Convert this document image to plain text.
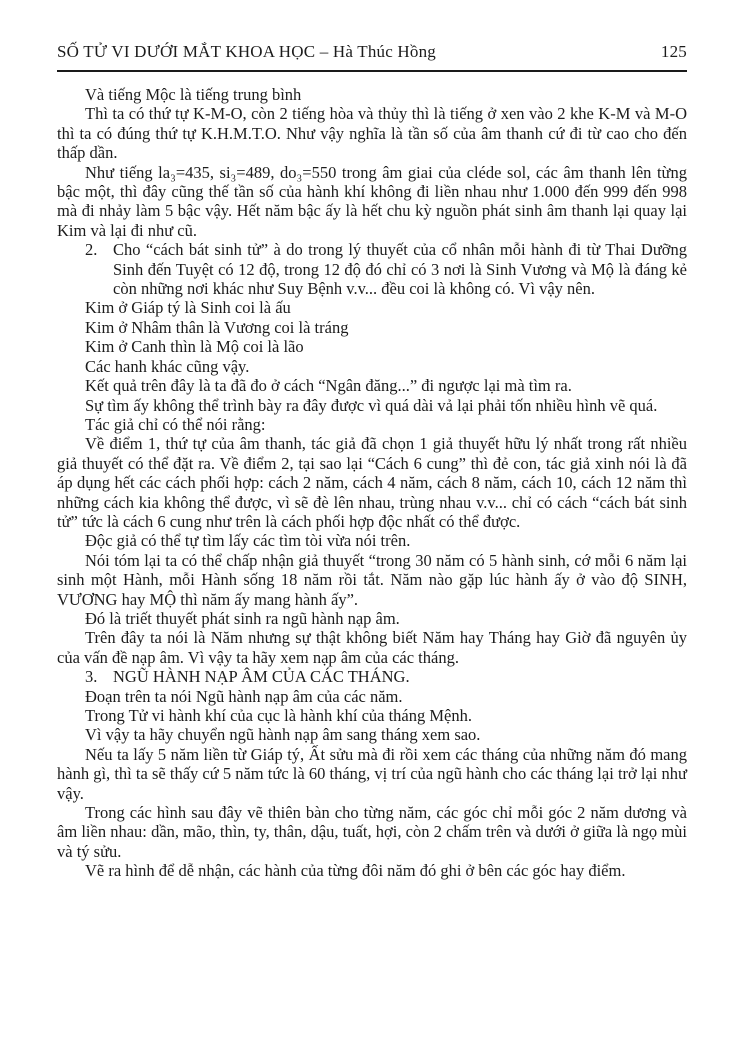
SỐ TỬ VI DƯỚI MẮT KHOA HỌC – Hà Thúc Hồng	125

Và tiếng Mộc là tiếng trung bình

Thì ta có thứ tự K-M-O, còn 2 tiếng hòa và thủy thì là tiếng ở xen vào 2 khe K-M và M-O thì ta có đúng thứ tự K.H.M.T.O. Như vậy nghĩa là tần số của âm thanh cứ đi từ cao cho đến thấp dần.

Như tiếng la₃=435, si₃=489, do₃=550 trong âm giai của cléde sol, các âm thanh lên từng bậc một, thì đây cũng thế tần số của hành khí không đi liền nhau như 1.000 đến 999 đến 998 mà đi nhảy làm 5 bậc vậy. Hết năm bậc ấy là hết chu kỳ nguồn phát sinh âm thanh lại quay lại Kim và lại đi như cũ.

2. Cho “cách bát sinh tử” à do trong lý thuyết của cổ nhân mỗi hành đi từ Thai Dưỡng Sinh đến Tuyệt có 12 độ, trong 12 độ đó chỉ có 3 nơi là Sinh Vương và Mộ là đáng kẻ còn những nơi khác như Suy Bệnh v.v... đều coi là không có. Vì vậy nên.

Kim ở Giáp tý là Sinh coi là ấu

Kim ở Nhâm thân là Vương coi là tráng

Kim ở Canh thìn là Mộ coi là lão

Các hanh khác cũng vậy.

Kết quả trên đây là ta đã đo ở cách “Ngân đăng...” đi ngược lại mà tìm ra.

Sự tìm ấy không thể trình bày ra đây được vì quá dài vả lại phải tốn nhiều hình vẽ quá.

Tác giả chỉ có thể nói rằng:

Về điểm 1, thứ tự của âm thanh, tác giả đã chọn 1 giả thuyết hữu lý nhất trong rất nhiều giả thuyết có thể đặt ra. Về điểm 2, tại sao lại “Cách 6 cung” thì đẻ con, tác giả xinh nói là đã áp dụng hết các cách phối hợp: cách 2 năm, cách 4 năm, cách 8 năm, cách 10, cách 12 năm thì những cách kia không thể được, vì sẽ đè lên nhau, trùng nhau v.v... chỉ có cách “cách bát sinh tử” tức là cách 6 cung như trên là cách phối hợp độc nhất có thể được.

Độc giả có thể tự tìm lấy các tìm tòi vừa nói trên.

Nói tóm lại ta có thể chấp nhận giả thuyết “trong 30 năm có 5 hành sinh, cớ mỗi 6 năm lại sinh một Hành, mỗi Hành sống 18 năm rồi tắt. Năm nào gặp lúc hành ấy ở vào độ SINH, VƯƠNG hay MỘ thì năm ấy mang hành ấy”.

Đó là triết thuyết phát sinh ra ngũ hành nạp âm.

Trên đây ta nói là Năm nhưng sự thật không biết Năm hay Tháng hay Giờ đã nguyên ủy của vấn đề nạp âm. Vì vậy ta hãy xem nạp âm của các tháng.

3. NGŨ HÀNH NẠP ÂM CỦA CÁC THÁNG.

Đoạn trên ta nói Ngũ hành nạp âm của các năm.

Trong Tử vi hành khí của cục là hành khí của tháng Mệnh.

Vì vậy ta hãy chuyển ngũ hành nạp âm sang tháng xem sao.

Nếu ta lấy 5 năm liền từ Giáp tý, Ất sửu mà đi rồi xem các tháng của những năm đó mang hành gì, thì ta sẽ thấy cứ 5 năm tức là 60 tháng, vị trí của ngũ hành cho các tháng lại trở lại như vậy.

Trong các hình sau đây vẽ thiên bàn cho từng năm, các góc chỉ mỗi góc 2 năm dương và âm liền nhau: dần, mão, thìn, ty, thân, dậu, tuất, hợi, còn 2 chấm trên và dưới ở giữa là ngọ mùi và tý sửu.

Vẽ ra hình để dễ nhận, các hành của từng đôi năm đó ghi ở bên các góc hay điểm.
